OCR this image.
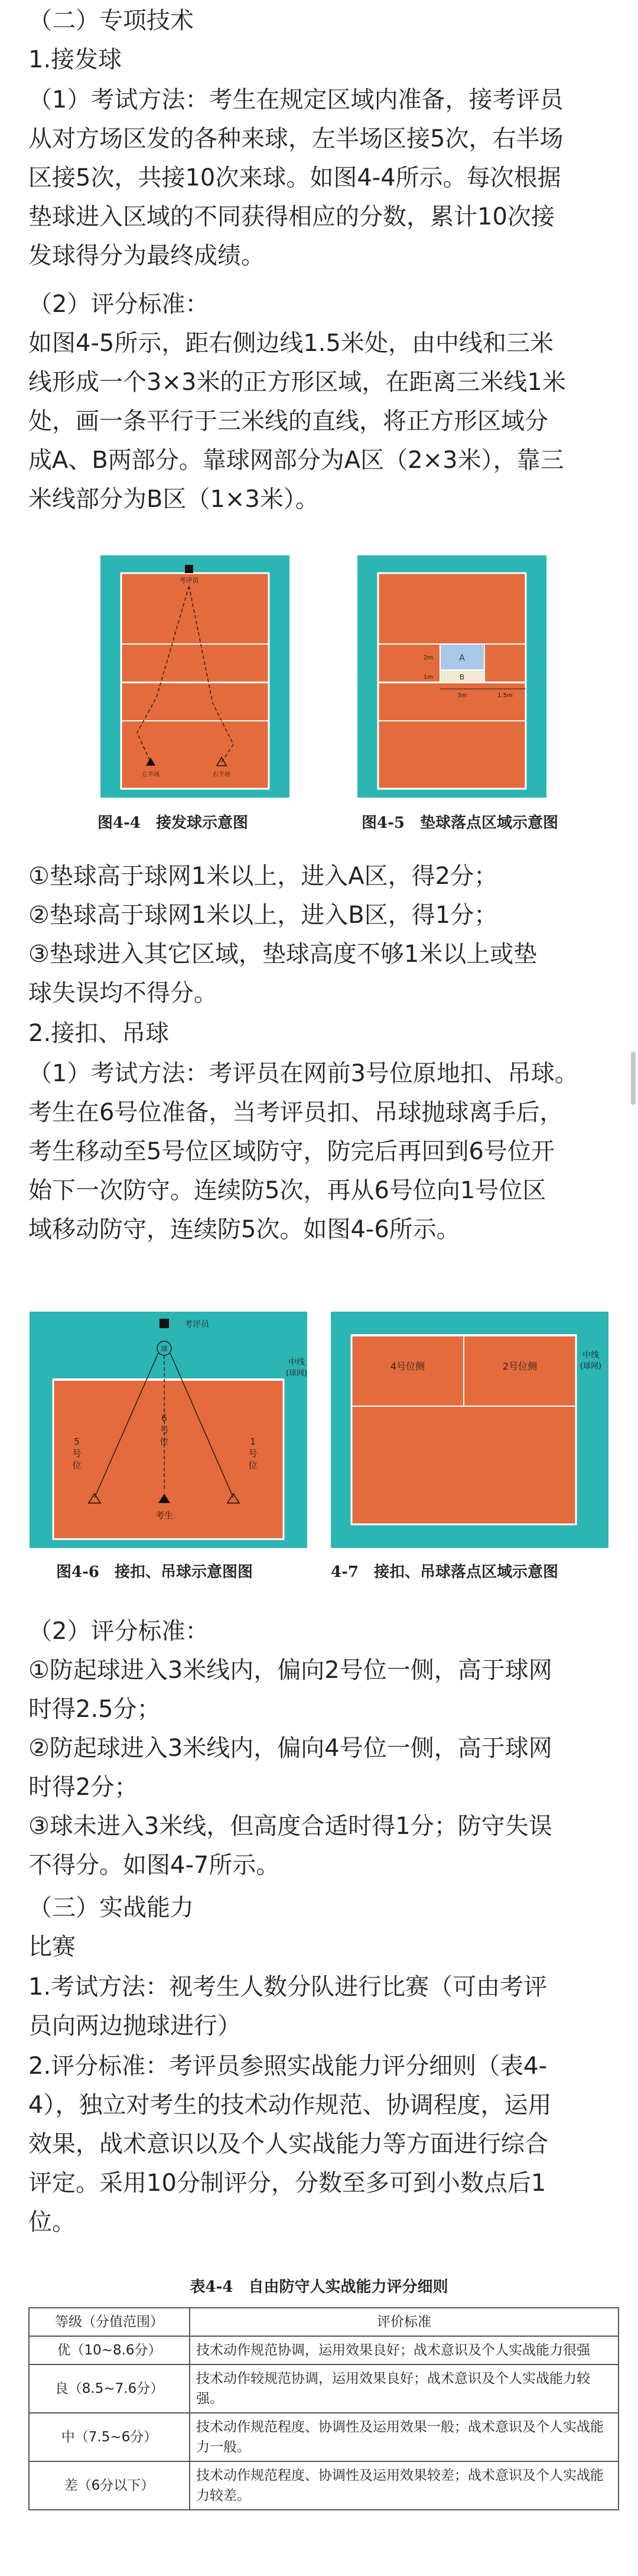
（二）专项技术
1.接发球
（1）考试方法：考生在规定区域内准备，接考评员
从对方场区发的各种来球，左半场区接5次，右半场
区接5次，共接10次来球。如图4-4所示。每次根据
垫球进入区域的不同获得相应的分数，累计10次接
发球得分为最终成绩。
（2）评分标准：
如图4-5所示，距右侧边线1.5米处，由中线和三米
线形成一个3×3米的正方形区域，在距离三米线1米
处，画一条平行于三米线的直线，将正方形区域分
成A、B两部分。靠球网部分为A区（2×3米），靠三
米线部分为B区（1×3米）。
考评员
左半场	右半场
A
B
2m
1m
3m	1.5m
图4-4　接发球示意图	图4-5　垫球落点区域示意图
①垫球高于球网1米以上，进入A区，得2分；
②垫球高于球网1米以上，进入B区，得1分；
③垫球进入其它区域，垫球高度不够1米以上或垫
球失误均不得分。
2.接扣、吊球
（1）考试方法：考评员在网前3号位原地扣、吊球。
考生在6号位准备，当考评员扣、吊球抛球离手后，
考生移动至5号位区域防守，防完后再回到6号位开
始下一次防守。连续防5次，再从6号位向1号位区
域移动防守，连续防5次。如图4-6所示。
中线
(球网)
考评员
球
5
号
位
6
号
位	1
号
位
考生
4号位侧	2号位侧
中线
(球网)
图4-6　接扣、吊球示意图图	4-7　接扣、吊球落点区域示意图
（2）评分标准：
①防起球进入3米线内，偏向2号位一侧，高于球网
时得2.5分；
②防起球进入3米线内，偏向4号位一侧，高于球网
时得2分；
③球未进入3米线，但高度合适时得1分；防守失误
不得分。如图4-7所示。
（三）实战能力
比赛
1.考试方法：视考生人数分队进行比赛（可由考评
员向两边抛球进行）
2.评分标准：考评员参照实战能力评分细则（表4-
4），独立对考生的技术动作规范、协调程度，运用
效果，战术意识以及个人实战能力等方面进行综合
评定。采用10分制评分，分数至多可到小数点后1
位。
表4-4　自由防守人实战能力评分细则
等级（分值范围）	评价标准
优（10~8.6分）	技术动作规范协调，运用效果良好；战术意识及个人实战能力很强
良（8.5~7.6分）	技术动作较规范协调，运用效果良好；战术意识及个人实战能力较强。
中（7.5~6分）	技术动作规范程度、协调性及运用效果一般；战术意识及个人实战能力一般。
差（6分以下）	技术动作规范程度、协调性及运用效果较差；战术意识及个人实战能力较差。
